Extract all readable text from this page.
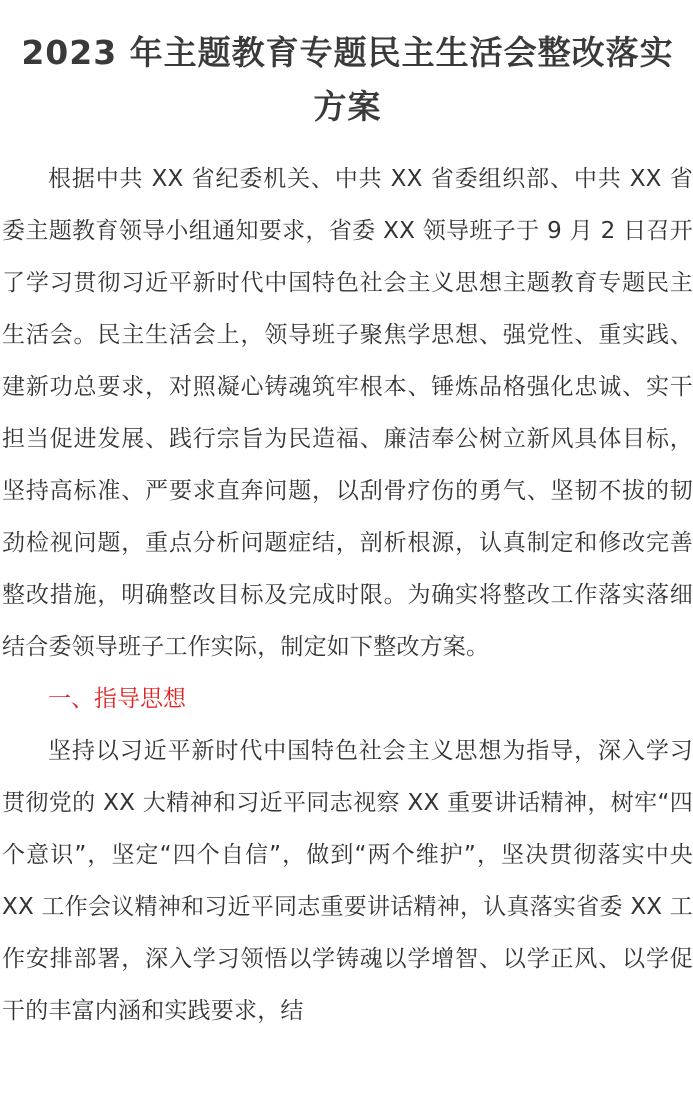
2023 年主题教育专题民主生活会整改落实方案

根据中共 XX 省纪委机关、中共 XX 省委组织部、中共 XX 省委主题教育领导小组通知要求，省委 XX 领导班子于 9 月 2 日召开了学习贯彻习近平新时代中国特色社会主义思想主题教育专题民主生活会。民主生活会上，领导班子聚焦学思想、强党性、重实践、建新功总要求，对照凝心铸魂筑牢根本、锤炼品格强化忠诚、实干担当促进发展、践行宗旨为民造福、廉洁奉公树立新风具体目标，坚持高标准、严要求直奔问题，以刮骨疗伤的勇气、坚韧不拔的韧劲检视问题，重点分析问题症结，剖析根源，认真制定和修改完善整改措施，明确整改目标及完成时限。为确实将整改工作落实落细结合委领导班子工作实际，制定如下整改方案。

一、指导思想

坚持以习近平新时代中国特色社会主义思想为指导，深入学习贯彻党的 XX 大精神和习近平同志视察 XX 重要讲话精神，树牢“四个意识”，坚定“四个自信”，做到“两个维护”，坚决贯彻落实中央 XX 工作会议精神和习近平同志重要讲话精神，认真落实省委 XX 工作安排部署，深入学习领悟以学铸魂以学增智、以学正风、以学促干的丰富内涵和实践要求，结
